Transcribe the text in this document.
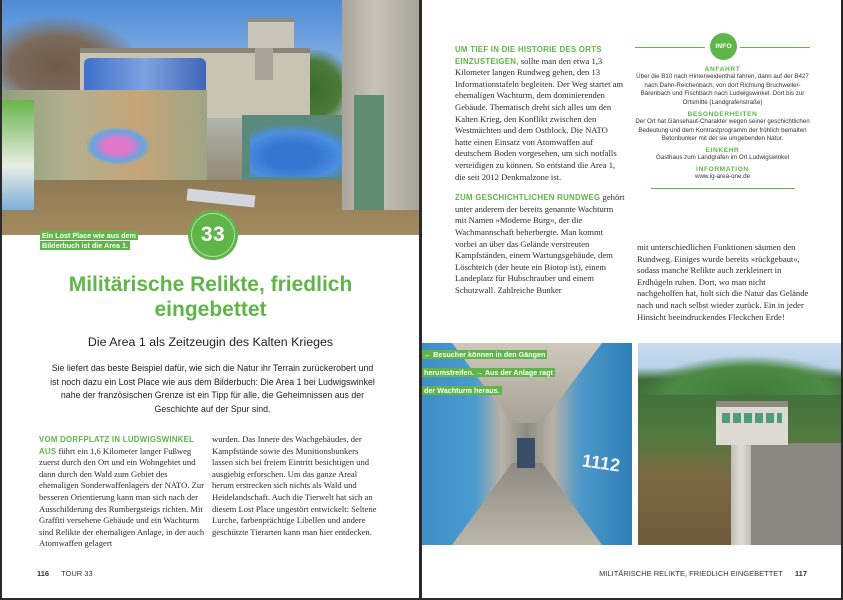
Ein Lost Place wie aus dem
Bilderbuch ist die Area 1.	33
Militärische Relikte, friedlich eingebettet
Die Area 1 als Zeitzeugin des Kalten Krieges

Sie liefert das beste Beispiel dafür, wie sich die Natur ihr Terrain zurückerobert und ist noch dazu ein Lost Place wie aus dem Bilderbuch: Die Area 1 bei Ludwigswinkel nahe der französischen Grenze ist ein Tipp für alle, die Geheimnissen aus der Geschichte auf der Spur sind.

VOM DORFPLATZ IN LUDWIGSWINKEL AUS führt ein 1,6 Kilometer langer Fußweg zuerst durch den Ort und ein Wohngebiet und dann durch den Wald zum Gebiet des ehemaligen Sonderwaffenlagers der NATO. Zur besseren Orientierung kann man sich nach der Ausschilderung des Rumbergsteigs richten. Mit Graffiti versehene Gebäude und ein Wachturm sind Relikte der ehemaligen Anlage, in der auch Atomwaffen gelagert

wurden. Das Innere des Wachgebäudes, der Kampfstände sowie des Munitionsbunkers lassen sich bei freiem Eintritt besichtigen und ausgiebig erforschen. Um das ganze Areal herum erstrecken sich nichts als Wald und Heidelandschaft. Auch die Tierwelt hat sich an diesem Lost Place ungestört entwickelt: Seltene Lurche, farbenprächtige Libellen und andere geschützte Tierarten kann man hier entdecken.

116 TOUR 33

UM TIEF IN DIE HISTORIE DES ORTS EINZUSTEIGEN, sollte man den etwa 1,3 Kilometer langen Rundweg gehen, den 13 Informationstafeln begleiten. Der Weg startet am ehemaligen Wachturm, dem dominierenden Gebäude. Thematisch dreht sich alles um den Kalten Krieg, den Konflikt zwischen den Westmächten und dem Ostblock. Die NATO hatte einen Einsatz von Atomwaffen auf deutschem Boden vorgesehen, um sich notfalls verteidigen zu können. So entstand die Area 1, die seit 2012 Denkmalzone ist.

ZUM GESCHICHTLICHEN RUNDWEG gehört unter anderem der bereits genannte Wachturm mit Namen »Moderne Burg«, der die Wachmannschaft beherbergte. Man kommt vorbei an über das Gelände verstreuten Kampfständen, einem Wartungsgebäude, dem Löschteich (der heute ein Biotop ist), einem Landeplatz für Hubschrauber und einem Schutzwall. Zahlreiche Bunker

INFO
ANFAHRT
Über die B10 nach Hinterweidenthal fahren, dann auf der B427 nach Dahn-Reichenbach, von dort Richtung Bruchweiler-Bärenbach und Fischbach nach Ludwigswinkel. Dort bis zur Ortsmitte (Landgrafenstraße)
BESONDERHEITEN
Der Ort hat Gänsehaut-Charakter wegen seiner geschichtlichen Bedeutung und dem Kontrastprogramm der fröhlich bemalten Betonbunker mit der sie umgebenden Natur.
EINKEHR
Gasthaus zum Landgrafen im Ort Ludwigswinkel
INFORMATION
www.ig-area-one.de

mit unterschiedlichen Funktionen säumen den Rundweg. Einiges wurde bereits »rückgebaut«, sodass manche Relikte auch zerkleinert in Erdhügeln ruhen. Dort, wo man nicht nachgeholfen hat, holt sich die Natur das Gelände nach und nach selbst wieder zurück. Ein in jeder Hinsicht beeindruckendes Fleckchen Erde!

1112
← Besucher können in den Gängen
herumstreifen. → Aus der Anlage ragt
der Wachturm heraus.
MILITÄRISCHE RELIKTE, FRIEDLICH EINGEBETTET 117
